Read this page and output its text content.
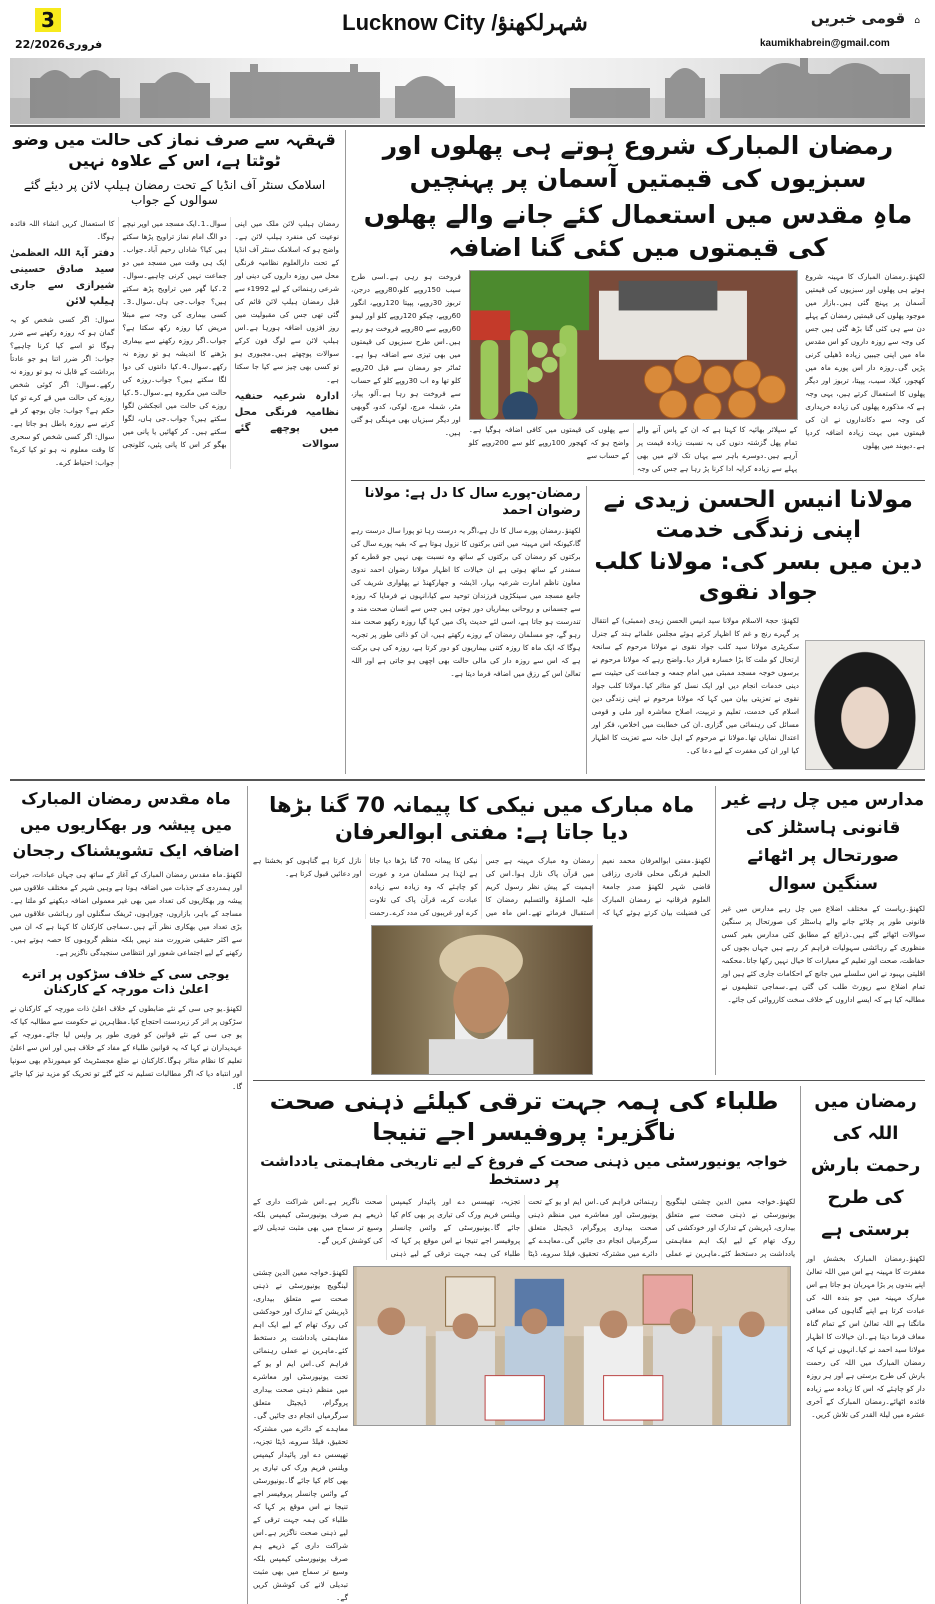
3
22/فروری2026
Lucknow City /شہرلکھنؤ	قومی خبریں ⌂
kaumikhabrein@gmail.com
قہقہہ سے صرف نماز کی حالت میں وضو ٹوٹتا ہے، اس کے علاوہ نہیں
اسلامک سنٹر آف انڈیا کے تحت رمضان ہیلپ لائن پر دیئے گئے سوالوں کے جواب
رمضان ہیلپ لائن ملک میں اپنی نوعیت کی منفرد ہیلپ لائن ہے۔واضح ہو کہ اسلامک سنٹر آف انڈیا کے تحت دارالعلوم نظامیہ فرنگی محل میں روزہ داروں کی دینی اور شرعی رہنمائی کے لیے 1992ء سے قبل رمضان ہیلپ لائن قائم کی گئی تھی جس کی مقبولیت میں روز افزوں اضافہ ہورہا ہے۔اس ہیلپ لائن سے لوگ فون کرکے سوالات پوچھتے ہیں۔مجبوری ہو تو کسی بھی چیز سے کیا جا سکتا ہے۔
ادارہ شرعیہ حنفیہ نظامیہ فرنگی محل میں پوچھے گئے سوالات
سوال۔1۔ایک مسجد میں اوپر نیچے دو الگ امام نماز تراویح پڑھا سکتے ہیں کیا؟ شاداں رحیم آباد۔جواب۔ایک ہی وقت میں مسجد میں دو جماعت نہیں کرنی چاہیے۔سوال۔2۔کیا گھر میں تراویح پڑھ سکتے ہیں؟ جواب۔جی ہاں۔سوال۔3۔کسی بیماری کی وجہ سے مبتلا مریض کیا روزہ رکھ سکتا ہے؟ جواب۔اگر روزہ رکھنے سے بیماری بڑھنے کا اندیشہ ہو تو روزہ نہ رکھے۔سوال۔4۔کیا دانتوں کی دوا لگا سکتے ہیں؟ جواب۔روزہ کی حالت میں مکروہ ہے۔سوال۔5۔کیا روزے کی حالت میں انجکشن لگوا سکتے ہیں؟ جواب۔جی ہاں، لگوا سکتے ہیں۔ کر کھائیں یا پانی میں بھگو کر اس کا پانی پئیں، کلونجی کا استعمال کریں انشاء اللہ فائدہ ہوگا۔
دفتر آیۃ اللہ العظمیٰ سید صادق حسینی شیرازی سے جاری ہیلپ لائن
سوال: اگر کسی شخص کو یہ گمان ہو کہ روزہ رکھنے سے ضرر ہوگا تو اسے کیا کرنا چاہیے؟ جواب: اگر ضرر اتنا ہو جو عادتاً برداشت کے قابل نہ ہو تو روزہ نہ رکھے۔سوال: اگر کوئی شخص روزے کی حالت میں قے کرے تو کیا حکم ہے؟ جواب: جان بوجھ کر قے کرنے سے روزہ باطل ہو جاتا ہے۔سوال: اگر کسی شخص کو سحری کا وقت معلوم نہ ہو تو کیا کرے؟ جواب: احتیاط کرے۔
رمضان المبارک شروع ہوتے ہی پھلوں اور سبزیوں کی قیمتیں آسمان پر پہنچیں
ماہِ مقدس میں استعمال کئے جانے والے پھلوں کی قیمتوں میں کئی گنا اضافہ
فروخت ہو رہی ہے۔اسی طرح سیب 150روپے کلو،80روپے درجن، تربوز 30روپے، پپیتا 120روپے، انگور 60روپے، چیکو 120روپے کلو اور لیمو 60روپے سے 80روپے فروخت ہو رہے ہیں۔اس طرح سبزیوں کی قیمتوں میں بھی تیزی سے اضافہ ہوا ہے۔ٹماٹر جو رمضان سے قبل 20روپے کلو تھا وہ اب 30روپے کلو کے حساب سے فروخت ہو رہا ہے۔آلو، پیاز، مٹر، شملہ مرچ، لوکی، کدو، گوبھی اور دیگر سبزیاں بھی مہنگی ہو گئی ہیں۔	کے سپلائر بھائیہ کا کہنا ہے کہ ان کے پاس آنے والے تمام پھل گزشتہ دنوں کی بہ نسبت زیادہ قیمت پر آرہے ہیں۔دوسرے باہر سے یہاں تک لانے میں بھی پہلے سے زیادہ کرایہ ادا کرنا پڑ رہا ہے جس کی وجہ سے پھلوں کی قیمتوں میں کافی اضافہ ہوگیا ہے۔واضح ہو کہ کھجور 100روپے کلو سے 200روپے کلو کے حساب سے
لکھنؤ۔رمضان المبارک کا مہینہ شروع ہوتے ہی پھلوں اور سبزیوں کی قیمتیں آسمان پر پہنچ گئی ہیں۔بازار میں موجود پھلوں کی قیمتیں رمضان کے پہلے دن سے ہی کئی گنا بڑھ گئی ہیں جس کی وجہ سے روزہ داروں کو اس مقدس ماہ میں اپنی جیبیں زیادہ ڈھیلی کرنی پڑیں گی۔روزہ دار اس پورے ماہ میں کھجور، کیلا، سیب، پپیتا، تربوز اور دیگر پھلوں کا استعمال کرتے ہیں، یہی وجہ ہے کہ مذکورہ پھلوں کی زیادہ خریداری کی وجہ سے دکانداروں نے ان کی قیمتوں میں بہت زیادہ اضافہ کردیا ہے۔دیوبند میں پھلوں
رمضان-پورے سال کا دل ہے: مولانا رضوان احمد
لکھنؤ۔رمضان پورے سال کا دل ہے،اگر یہ درست رہا تو پورا سال درست رہے گا،کیونکہ اس مہینہ میں اتنی برکتوں کا نزول ہوتا ہے کہ بقیہ پورے سال کی برکتوں کو رمضان کی برکتوں کے ساتھ وہ نسبت بھی نہیں جو قطرے کو سمندر کے ساتھ ہوتی ہے ان خیالات کا اظہار مولانا رضوان احمد ندوی معاون ناظم امارت شرعیہ بہار، اڈیشہ و جھارکھنڈ نے پھلواری شریف کی جامع مسجد میں سینکڑوں فرزندان توحید سے کیا،انہوں نے فرمایا کہ روزہ سے جسمانی و روحانی بیماریاں دور ہوتی ہیں جس سے انسان صحت مند و تندرست ہو جاتا ہے، اسی لئے حدیث پاک میں کہا گیا روزہ رکھو صحت مند رہو گے، جو مسلمان رمضان کے روزے رکھتے ہیں، ان کو ذاتی طور پر تجربہ ہوگا کہ ایک ماہ کا روزہ کتنی بیماریوں کو دور کرتا ہے، روزہ کی ہی برکت ہے کہ اس سے روزہ دار کی مالی حالت بھی اچھی ہو جاتی ہے اور اللہ تعالیٰ اس کے رزق میں اضافہ فرما دیتا ہے۔
مولانا انیس الحسن زیدی نے اپنی زندگی خدمت
دین میں بسر کی: مولانا کلب جواد نقوی
لکھنؤ: حجۃ الاسلام مولانا سید انیس الحسن زیدی (ممبئی) کے انتقال پر گہرے رنج و غم کا اظہار کرتے ہوئے مجلس علمائے ہند کے جنرل سکریٹری مولانا سید کلب جواد نقوی نے مولانا مرحوم کے سانحۂ ارتحال کو ملت کا بڑا خسارہ قرار دیا۔واضح رہے کہ مولانا مرحوم نے برسوں خوجہ مسجد ممبئی میں امام جمعہ و جماعت کی حیثیت سے دینی خدمات انجام دیں اور ایک نسل کو متاثر کیا۔مولانا کلب جواد نقوی نے تعزیتی بیان میں کہا کہ مولانا مرحوم نے اپنی زندگی دین اسلام کی خدمت، تعلیم و تربیت، اصلاح معاشرہ اور ملی و قومی مسائل کی رہنمائی میں گزاری۔ان کی خطابت میں اخلاص، فکر اور اعتدال نمایاں تھا۔مولانا نے مرحوم کے اہل خانہ سے تعزیت کا اظہار کیا اور ان کی مغفرت کے لیے دعا کی۔
ماہ مقدس رمضان المبارک میں پیشہ ور بھکاریوں میں اضافہ ایک تشویشناک رجحان
لکھنؤ۔ماہ مقدس رمضان المبارک کے آغاز کے ساتھ ہی جہاں عبادات، خیرات اور ہمدردی کے جذبات میں اضافہ ہوتا ہے وہیں شہر کے مختلف علاقوں میں پیشہ ور بھکاریوں کی تعداد میں بھی غیر معمولی اضافہ دیکھنے کو ملتا ہے۔مساجد کے باہر، بازاروں، چوراہوں، ٹریفک سگنلوں اور رہائشی علاقوں میں بڑی تعداد میں بھکاری نظر آتے ہیں۔سماجی کارکنان کا کہنا ہے کہ ان میں سے اکثر حقیقی ضرورت مند نہیں بلکہ منظم گروہوں کا حصہ ہوتے ہیں۔رکھنے کے لیے اجتماعی شعور اور انتظامی سنجیدگی ناگزیر ہے۔
یوجی سی کے خلاف سڑکوں پر اترے اعلیٰ ذات مورچہ کے کارکنان
لکھنؤ۔یو جی سی کے نئے ضابطوں کے خلاف اعلیٰ ذات مورچہ کے کارکنان نے سڑکوں پر اتر کر زبردست احتجاج کیا۔مظاہرین نے حکومت سے مطالبہ کیا کہ یو جی سی کے نئے قوانین کو فوری طور پر واپس لیا جائے۔مورچہ کے عہدیداران نے کہا کہ یہ قوانین طلباء کے مفاد کے خلاف ہیں اور اس سے اعلیٰ تعلیم کا نظام متاثر ہوگا۔کارکنان نے ضلع مجسٹریٹ کو میمورنڈم بھی سونپا اور انتباہ دیا کہ اگر مطالبات تسلیم نہ کئے گئے تو تحریک کو مزید تیز کیا جائے گا۔
ماہ مبارک میں نیکی کا پیمانہ 70 گنا بڑھا دیا جاتا ہے: مفتی ابوالعرفان
لکھنؤ۔مفتی ابوالعرفان محمد نعیم الحلیم فرنگی محلی قادری رزاقی قاضی شہر لکھنؤ صدر جامعۃ العلوم فرقانیہ نے رمضان المبارک کی فضیلت بیان کرتے ہوئے کہا کہ رمضان وہ مبارک مہینہ ہے جس میں قرآن پاک نازل ہوا۔اس کی اہمیت کے پیش نظر رسول کریم علیہ الصلوٰۃ والتسلیم رمضان کا استقبال فرماتے تھے۔اس ماہ میں نیکی کا پیمانہ 70 گنا بڑھا دیا جاتا ہے لہٰذا ہر مسلمان مرد و عورت کو چاہئے کہ وہ زیادہ سے زیادہ عبادت کرے، قرآن پاک کی تلاوت کرے اور غریبوں کی مدد کرے۔رحمت نازل کرتا ہے گناہوں کو بخشتا ہے اور دعائیں قبول کرتا ہے۔
مدارس میں چل رہے غیر قانونی ہاسٹلز کی صورتحال پر اٹھائے سنگین سوال
لکھنؤ۔ریاست کے مختلف اضلاع میں چل رہے مدارس میں غیر قانونی طور پر چلائے جانے والے ہاسٹلز کی صورتحال پر سنگین سوالات اٹھائے گئے ہیں۔ذرائع کے مطابق کئی مدارس بغیر کسی منظوری کے رہائشی سہولیات فراہم کر رہے ہیں جہاں بچوں کی حفاظت، صحت اور تعلیم کے معیارات کا خیال نہیں رکھا جاتا۔محکمہ اقلیتی بہبود نے اس سلسلے میں جانچ کے احکامات جاری کئے ہیں اور تمام اضلاع سے رپورٹ طلب کی گئی ہے۔سماجی تنظیموں نے مطالبہ کیا ہے کہ ایسے اداروں کے خلاف سخت کارروائی کی جائے۔
طلباء کی ہمہ جہت ترقی کیلئے ذہنی صحت ناگزیر: پروفیسر اجے تنیجا
خواجہ یونیورسٹی میں ذہنی صحت کے فروغ کے لیے تاریخی مفاہمتی یادداشت پر دستخط
لکھنؤ۔خواجہ معین الدین چشتی لینگویج یونیورسٹی نے ذہنی صحت سے متعلق بیداری، ڈپریشن کے تدارک اور خودکشی کی روک تھام کے لیے ایک اہم مفاہمتی یادداشت پر دستخط کئے۔ماہرین نے عملی رہنمائی فراہم کی۔اس ایم او یو کے تحت یونیورسٹی اور معاشرے میں منظم ذہنی صحت بیداری پروگرام، ڈیجیٹل متعلق سرگرمیاں انجام دی جائیں گی۔معاہدے کے دائرے میں مشترکہ تحقیق، فیلڈ سروے، ڈیٹا تجزیہ، تھیسس دے اور پائیدار کیمپس ویلنس فریم ورک کی تیاری پر بھی کام کیا جائے گا۔یونیورسٹی کے وائس چانسلر پروفیسر اجے تنیجا نے اس موقع پر کہا کہ طلباء کی ہمہ جہت ترقی کے لیے ذہنی صحت ناگزیر ہے۔اس شراکت داری کے ذریعے ہم صرف یونیورسٹی کیمپس بلکہ وسیع تر سماج میں بھی مثبت تبدیلی لانے کی کوشش کریں گے۔
لکھنؤ۔خواجہ معین الدین چشتی لینگویج یونیورسٹی نے ذہنی صحت سے متعلق بیداری، ڈپریشن کے تدارک اور خودکشی کی روک تھام کے لیے ایک اہم مفاہمتی یادداشت پر دستخط کئے۔ماہرین نے عملی رہنمائی فراہم کی۔اس ایم او یو کے تحت یونیورسٹی اور معاشرے میں منظم ذہنی صحت بیداری پروگرام، ڈیجیٹل متعلق سرگرمیاں انجام دی جائیں گی۔معاہدے کے دائرے میں مشترکہ تحقیق، فیلڈ سروے، ڈیٹا تجزیہ، تھیسس دے اور پائیدار کیمپس ویلنس فریم ورک کی تیاری پر بھی کام کیا جائے گا۔یونیورسٹی کے وائس چانسلر پروفیسر اجے تنیجا نے اس موقع پر کہا کہ طلباء کی ہمہ جہت ترقی کے لیے ذہنی صحت ناگزیر ہے۔اس شراکت داری کے ذریعے ہم صرف یونیورسٹی کیمپس بلکہ وسیع تر سماج میں بھی مثبت تبدیلی لانے کی کوشش کریں گے۔
رمضان میں اللہ کی رحمت بارش کی طرح برستی ہے
لکھنؤ۔رمضان المبارک بخشش اور مغفرت کا مہینہ ہے اس میں اللہ تعالیٰ اپنے بندوں پر بڑا مہربان ہو جاتا ہے اس مبارک مہینہ میں جو بندہ اللہ کی عبادت کرتا ہے اپنے گناہوں کی معافی مانگتا ہے اللہ تعالیٰ اس کے تمام گناہ معاف فرما دیتا ہے۔ان خیالات کا اظہار مولانا سید احمد نے کیا۔انہوں نے کہا کہ رمضان المبارک میں اللہ کی رحمت بارش کی طرح برستی ہے اور ہر روزہ دار کو چاہئے کہ اس کا زیادہ سے زیادہ فائدہ اٹھائے۔رمضان المبارک کے آخری عشرہ میں لیلۃ القدر کی تلاش کریں۔
